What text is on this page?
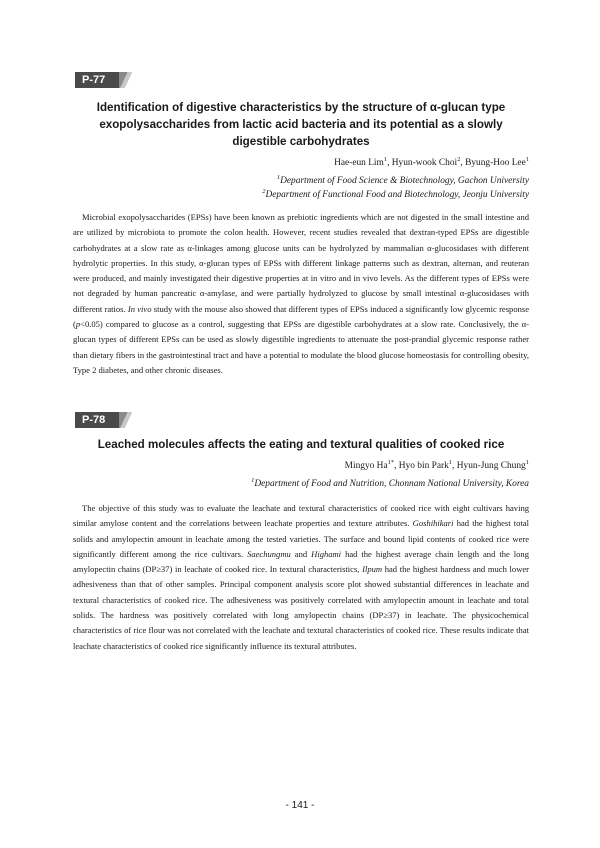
P-77

Identification of digestive characteristics by the structure of α-glucan type exopolysaccharides from lactic acid bacteria and its potential as a slowly digestible carbohydrates

Hae-eun Lim$^1$, Hyun-wook Choi$^2$, Byung-Hoo Lee$^1$

$^1$Department of Food Science & Biotechnology, Gachon University

$^2$Department of Functional Food and Biotechnology, Jeonju University

Microbial exopolysaccharides (EPSs) have been known as prebiotic ingredients which are not digested in the small intestine and are utilized by microbiota to promote the colon health. However, recent studies revealed that dextran-typed EPSs are digestible carbohydrates at a slow rate as α-linkages among glucose units can be hydrolyzed by mammalian α-glucosidases with different hydrolytic properties. In this study, α-glucan types of EPSs with different linkage patterns such as dextran, alternan, and reuteran were produced, and mainly investigated their digestive properties at in vitro and in vivo levels. As the different types of EPSs were not degraded by human pancreatic α-amylase, and were partially hydrolyzed to glucose by small intestinal α-glucosidases with different ratios. In vivo study with the mouse also showed that different types of EPSs induced a significantly low glycemic response (p<0.05) compared to glucose as a control, suggesting that EPSs are digestible carbohydrates at a slow rate. Conclusively, the α-glucan types of different EPSs can be used as slowly digestible ingredients to attenuate the post-prandial glycemic response rather than dietary fibers in the gastrointestinal tract and have a potential to modulate the blood glucose homeostasis for controlling obesity, Type 2 diabetes, and other chronic diseases.

P-78

Leached molecules affects the eating and textural qualities of cooked rice

Mingyo $Ha^{1*}$, Hyo bin Park$^1$, Hyun-Jung Chung$^1$

$^1$Department of Food and Nutrition, Chonnam National University, Korea

The objective of this study was to evaluate the leachate and textural characteristics of cooked rice with eight cultivars having similar amylose content and the correlations between leachate properties and texture attributes. Goshihikari had the highest total solids and amylopectin amount in leachate among the tested varieties. The surface and bound lipid contents of cooked rice were significantly different among the rice cultivars. Saechungmu and Highami had the highest average chain length and the long amylopectin chains (DP≥37) in leachate of cooked rice. In textural characteristics, Ilpum had the highest hardness and much lower adhesiveness than that of other samples. Principal component analysis score plot showed substantial differences in leachate and textural characteristics of cooked rice. The adhesiveness was positively correlated with amylopectin amount in leachate and total solids. The hardness was positively correlated with long amylopectin chains (DP≥37) in leachate. The physicochemical characteristics of rice flour was not correlated with the leachate and textural characteristics of cooked rice. These results indicate that leachate characteristics of cooked rice significantly influence its textural attributes.

- 141 -
